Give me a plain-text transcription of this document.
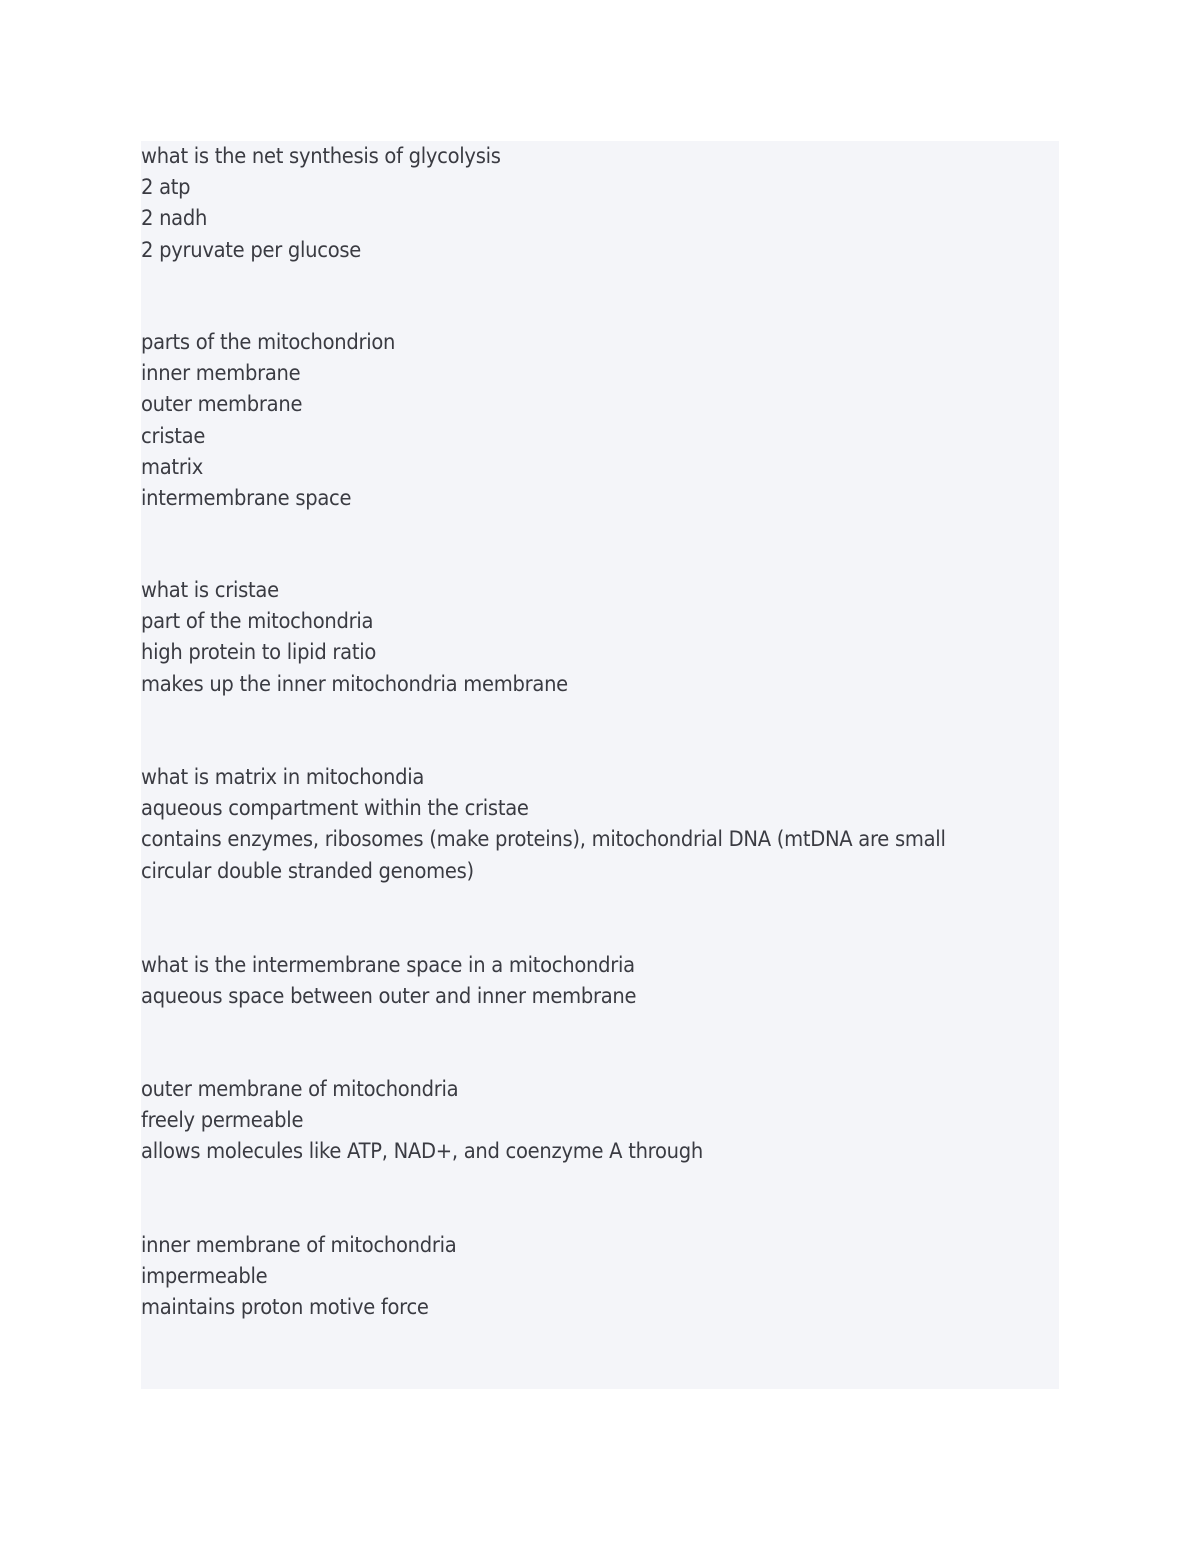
what is the net synthesis of glycolysis
2 atp
2 nadh
2 pyruvate per glucose
parts of the mitochondrion
inner membrane
outer membrane
cristae
matrix
intermembrane space
what is cristae
part of the mitochondria
high protein to lipid ratio
makes up the inner mitochondria membrane
what is matrix in mitochondia
aqueous compartment within the cristae
contains enzymes, ribosomes (make proteins), mitochondrial DNA (mtDNA are small
circular double stranded genomes)
what is the intermembrane space in a mitochondria
aqueous space between outer and inner membrane
outer membrane of mitochondria
freely permeable
allows molecules like ATP, NAD+, and coenzyme A through
inner membrane of mitochondria
impermeable
maintains proton motive force
